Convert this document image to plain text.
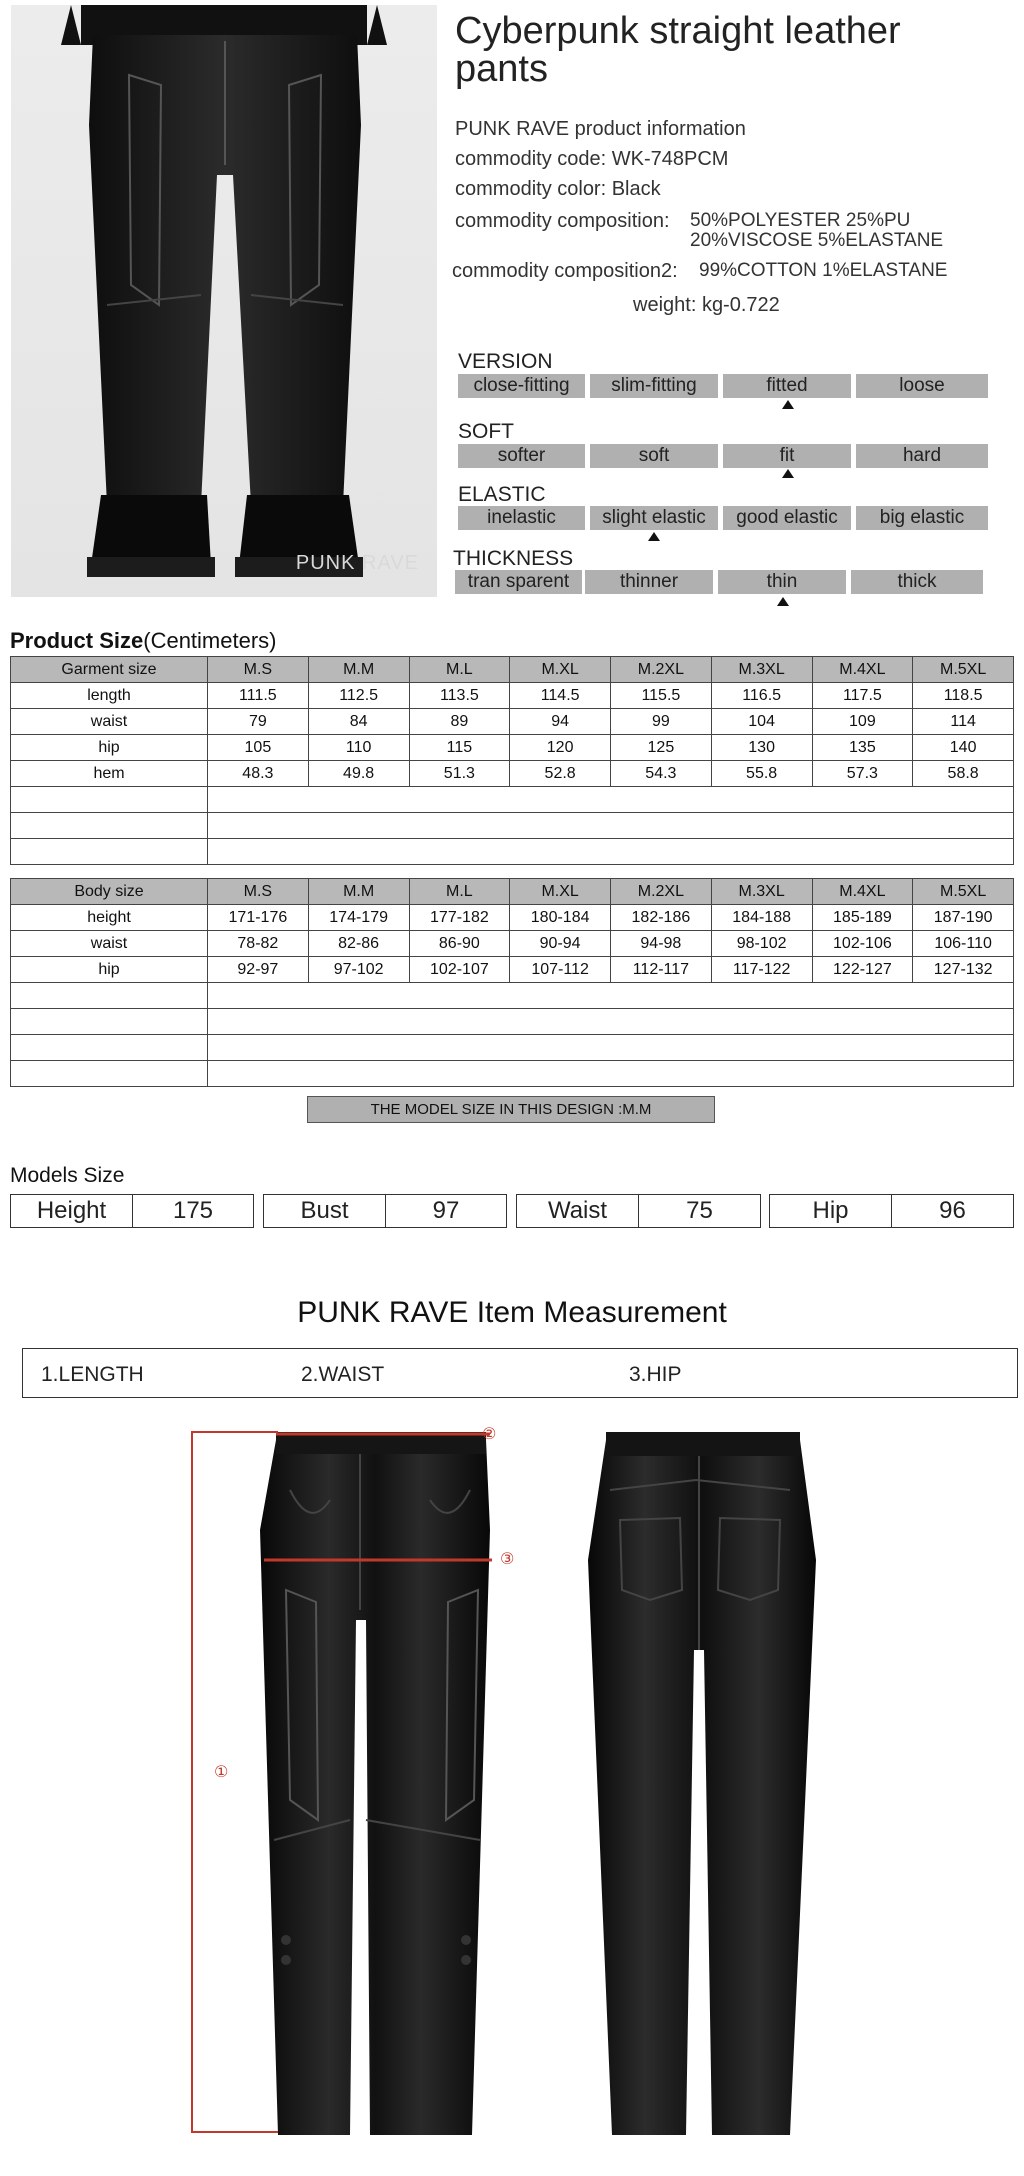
PUNK RAVE
Cyberpunk straight leather pants
PUNK RAVE product information
commodity code: WK-748PCM
commodity color: Black
commodity composition: 50%POLYESTER 25%PU
20%VISCOSE 5%ELASTANE
commodity composition2: 99%COTTON 1%ELASTANE
weight: kg-0.722
VERSION
close-fitting	slim-fitting	fitted	loose
SOFT
softer	soft	fit	hard
ELASTIC
inelastic	slight elastic	good elastic	big elastic
THICKNESS
tran sparent	thinner	thin	thick
Product Size(Centimeters)
Garment size	M.S	M.M	M.L	M.XL	M.2XL	M.3XL	M.4XL	M.5XL
length	111.5	112.5	113.5	114.5	115.5	116.5	117.5	118.5
waist	79	84	89	94	99	104	109	114
hip	105	110	115	120	125	130	135	140
hem	48.3	49.8	51.3	52.8	54.3	55.8	57.3	58.8

Body size	M.S	M.M	M.L	M.XL	M.2XL	M.3XL	M.4XL	M.5XL
height	171-176	174-179	177-182	180-184	182-186	184-188	185-189	187-190
waist	78-82	82-86	86-90	90-94	94-98	98-102	102-106	106-110
hip	92-97	97-102	102-107	107-112	112-117	117-122	122-127	127-132

THE MODEL SIZE IN THIS DESIGN :M.M
Models Size
Height	175	Bust	97	Waist	75	Hip	96
PUNK RAVE Item Measurement
1.LENGTH	2.WAIST	3.HIP
②
③
①
